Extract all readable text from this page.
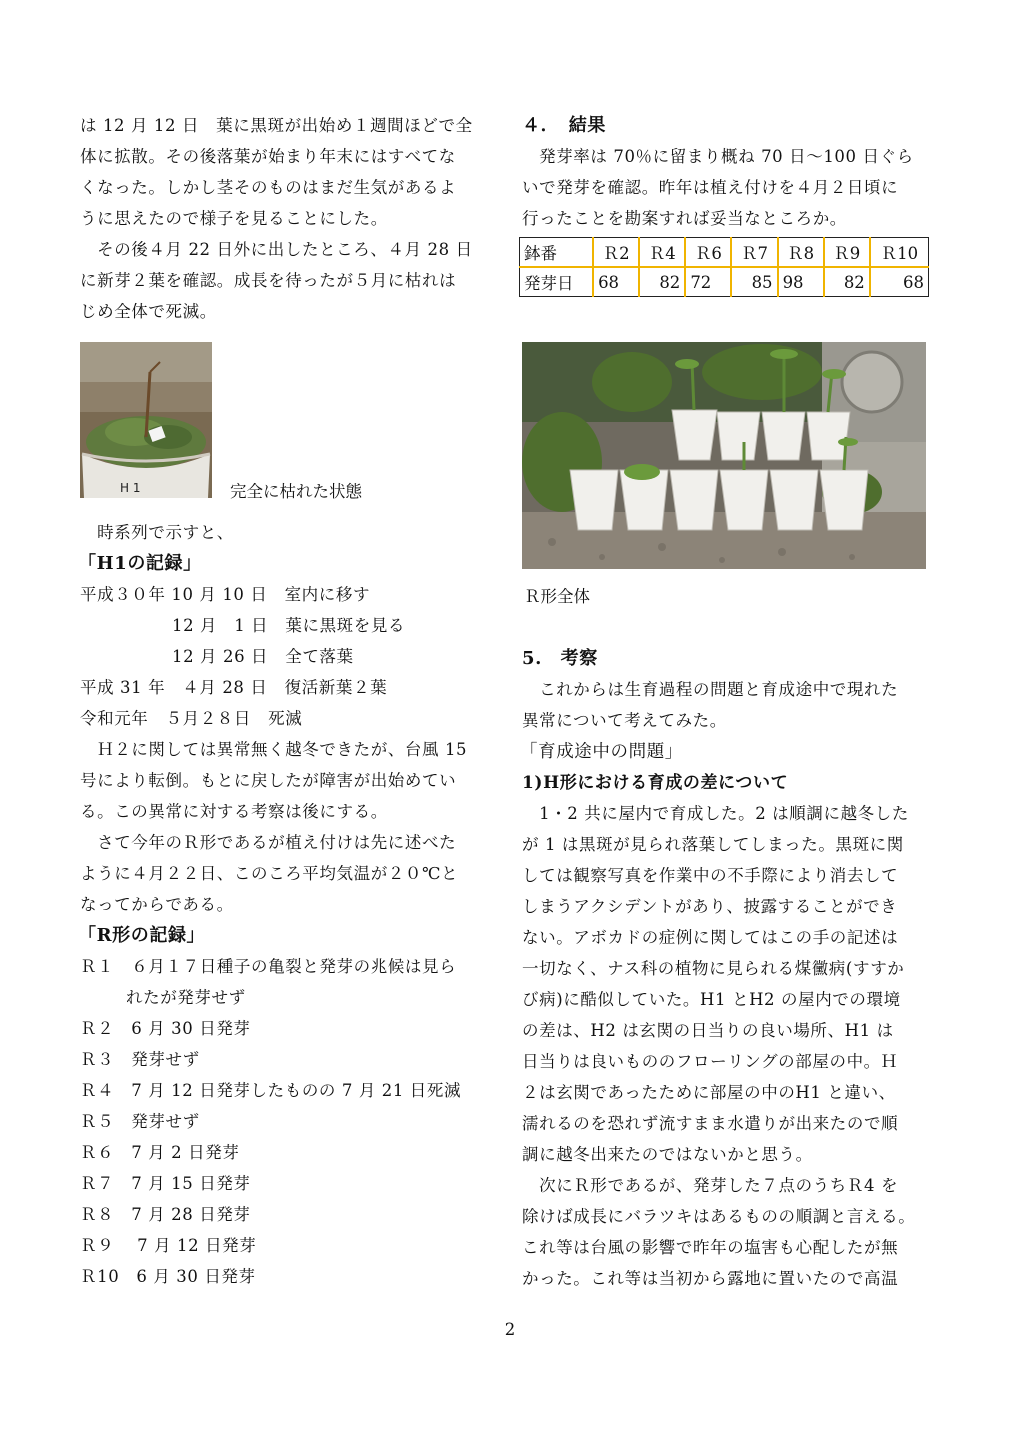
は 12 月 12 日　葉に黒斑が出始め１週間ほどで全
体に拡散。その後落葉が始まり年末にはすべてな
くなった。しかし茎そのものはまだ生気があるよ
うに思えたので様子を見ることにした。
　その後４月 22 日外に出したところ、４月 28 日
に新芽２葉を確認。成長を待ったが５月に枯れは
じめ全体で死滅。
H 1	完全に枯れた状態
　時系列で示すと、
「H1の記録」
平成３０年 10 月 10 日　室内に移す
12 月　1 日　葉に黒斑を見る
12 月 26 日　全て落葉
平成 31 年　４月 28 日　復活新葉２葉
令和元年　５月２８日　死滅
　Ｈ２に関しては異常無く越冬できたが、台風 15
号により転倒。もとに戻したが障害が出始めてい
る。この異常に対する考察は後にする。
　さて今年のＲ形であるが植え付けは先に述べた
ように４月２２日、このころ平均気温が２０℃と
なってからである。
「R形の記録」
Ｒ１　６月１７日種子の亀裂と発芽の兆候は見ら
れたが発芽せず
Ｒ２　6 月 30 日発芽
Ｒ３　発芽せず
Ｒ４　7 月 12 日発芽したものの 7 月 21 日死滅
Ｒ５　発芽せず
Ｒ６　7 月 2 日発芽
Ｒ７　7 月 15 日発芽
Ｒ８　7 月 28 日発芽
Ｒ９　 7 月 12 日発芽
Ｒ10　6 月 30 日発芽
４．　結果
　発芽率は 70％に留まり概ね 70 日～100 日ぐら
いで発芽を確認。昨年は植え付けを４月２日頃に
行ったことを勘案すれば妥当なところか。
鉢番	Ｒ2	Ｒ4	Ｒ6	Ｒ7	Ｒ8	Ｒ9	Ｒ10
発芽日	68	82	72	85	98	82	68
Ｒ形全体
5.　考察
　これからは生育過程の問題と育成途中で現れた
異常について考えてみた。
「育成途中の問題」
1)H形における育成の差について
　1・2 共に屋内で育成した。2 は順調に越冬した
が 1 は黒斑が見られ落葉してしまった。黒斑に関
しては観察写真を作業中の不手際により消去して
しまうアクシデントがあり、披露することができ
ない。アボカドの症例に関してはこの手の記述は
一切なく、ナス科の植物に見られる煤黴病(すすか
び病)に酷似していた。H1 とH2 の屋内での環境
の差は、H2 は玄関の日当りの良い場所、H1 は
日当りは良いもののフローリングの部屋の中。Ｈ
２は玄関であったために部屋の中のH1 と違い、
濡れるのを恐れず流すまま水遣りが出来たので順
調に越冬出来たのではないかと思う。
　次にＲ形であるが、発芽した７点のうちＲ4 を
除けば成長にバラツキはあるものの順調と言える。
これ等は台風の影響で昨年の塩害も心配したが無
かった。これ等は当初から露地に置いたので高温
2
